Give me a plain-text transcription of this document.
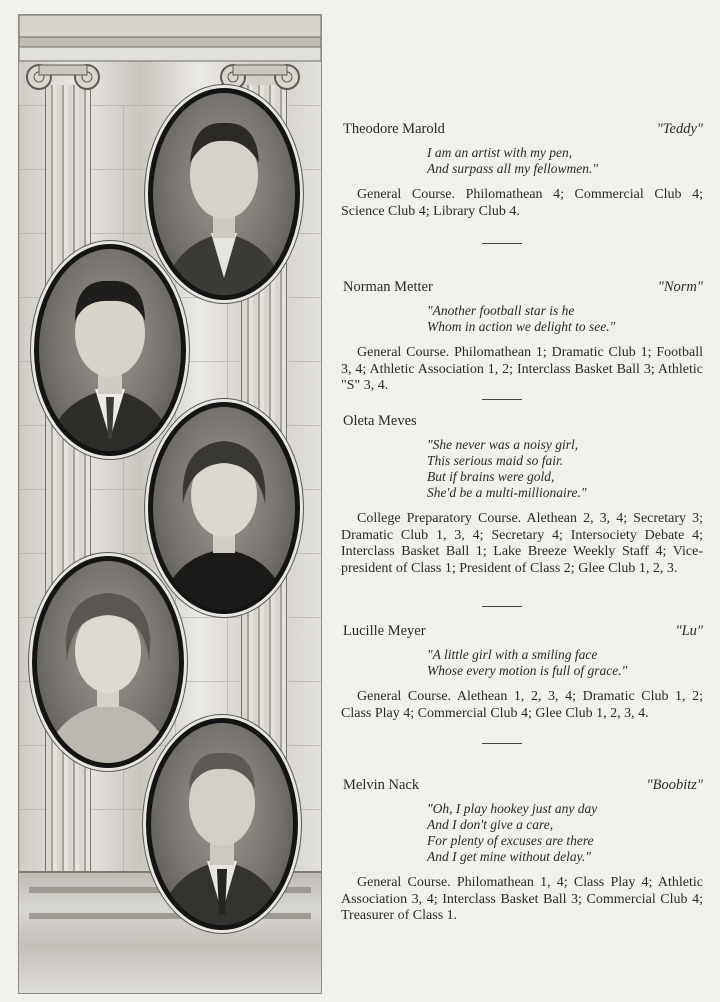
Theodore Marold	"Teddy"
I am an artist with my pen,
And surpass all my fellowmen."
General Course. Philomathean 4; Commercial Club 4; Science Club 4; Library Club 4.
Norman Metter	"Norm"
"Another football star is he
Whom in action we delight to see."
General Course. Philomathean 1; Dramatic Club 1; Football 3, 4; Athletic Association 1, 2; Interclass Basket Ball 3; Athletic "S" 3, 4.
Oleta Meves
"She never was a noisy girl,
This serious maid so fair.
But if brains were gold,
She'd be a multi-millionaire."
College Preparatory Course. Alethean 2, 3, 4; Secretary 3; Dramatic Club 1, 3, 4; Secretary 4; Intersociety Debate 4; Interclass Basket Ball 1; Lake Breeze Weekly Staff 4; Vice-president of Class 1; President of Class 2; Glee Club 1, 2, 3.
Lucille Meyer	"Lu"
"A little girl with a smiling face
Whose every motion is full of grace."
General Course. Alethean 1, 2, 3, 4; Dramatic Club 1, 2; Class Play 4; Commercial Club 4; Glee Club 1, 2, 3, 4.
Melvin Nack	"Boobitz"
"Oh, I play hookey just any day
And I don't give a care,
For plenty of excuses are there
And I get mine without delay."
General Course. Philomathean 1, 4; Class Play 4; Athletic Association 3, 4; Interclass Basket Ball 3; Commercial Club 4; Treasurer of Class 1.
